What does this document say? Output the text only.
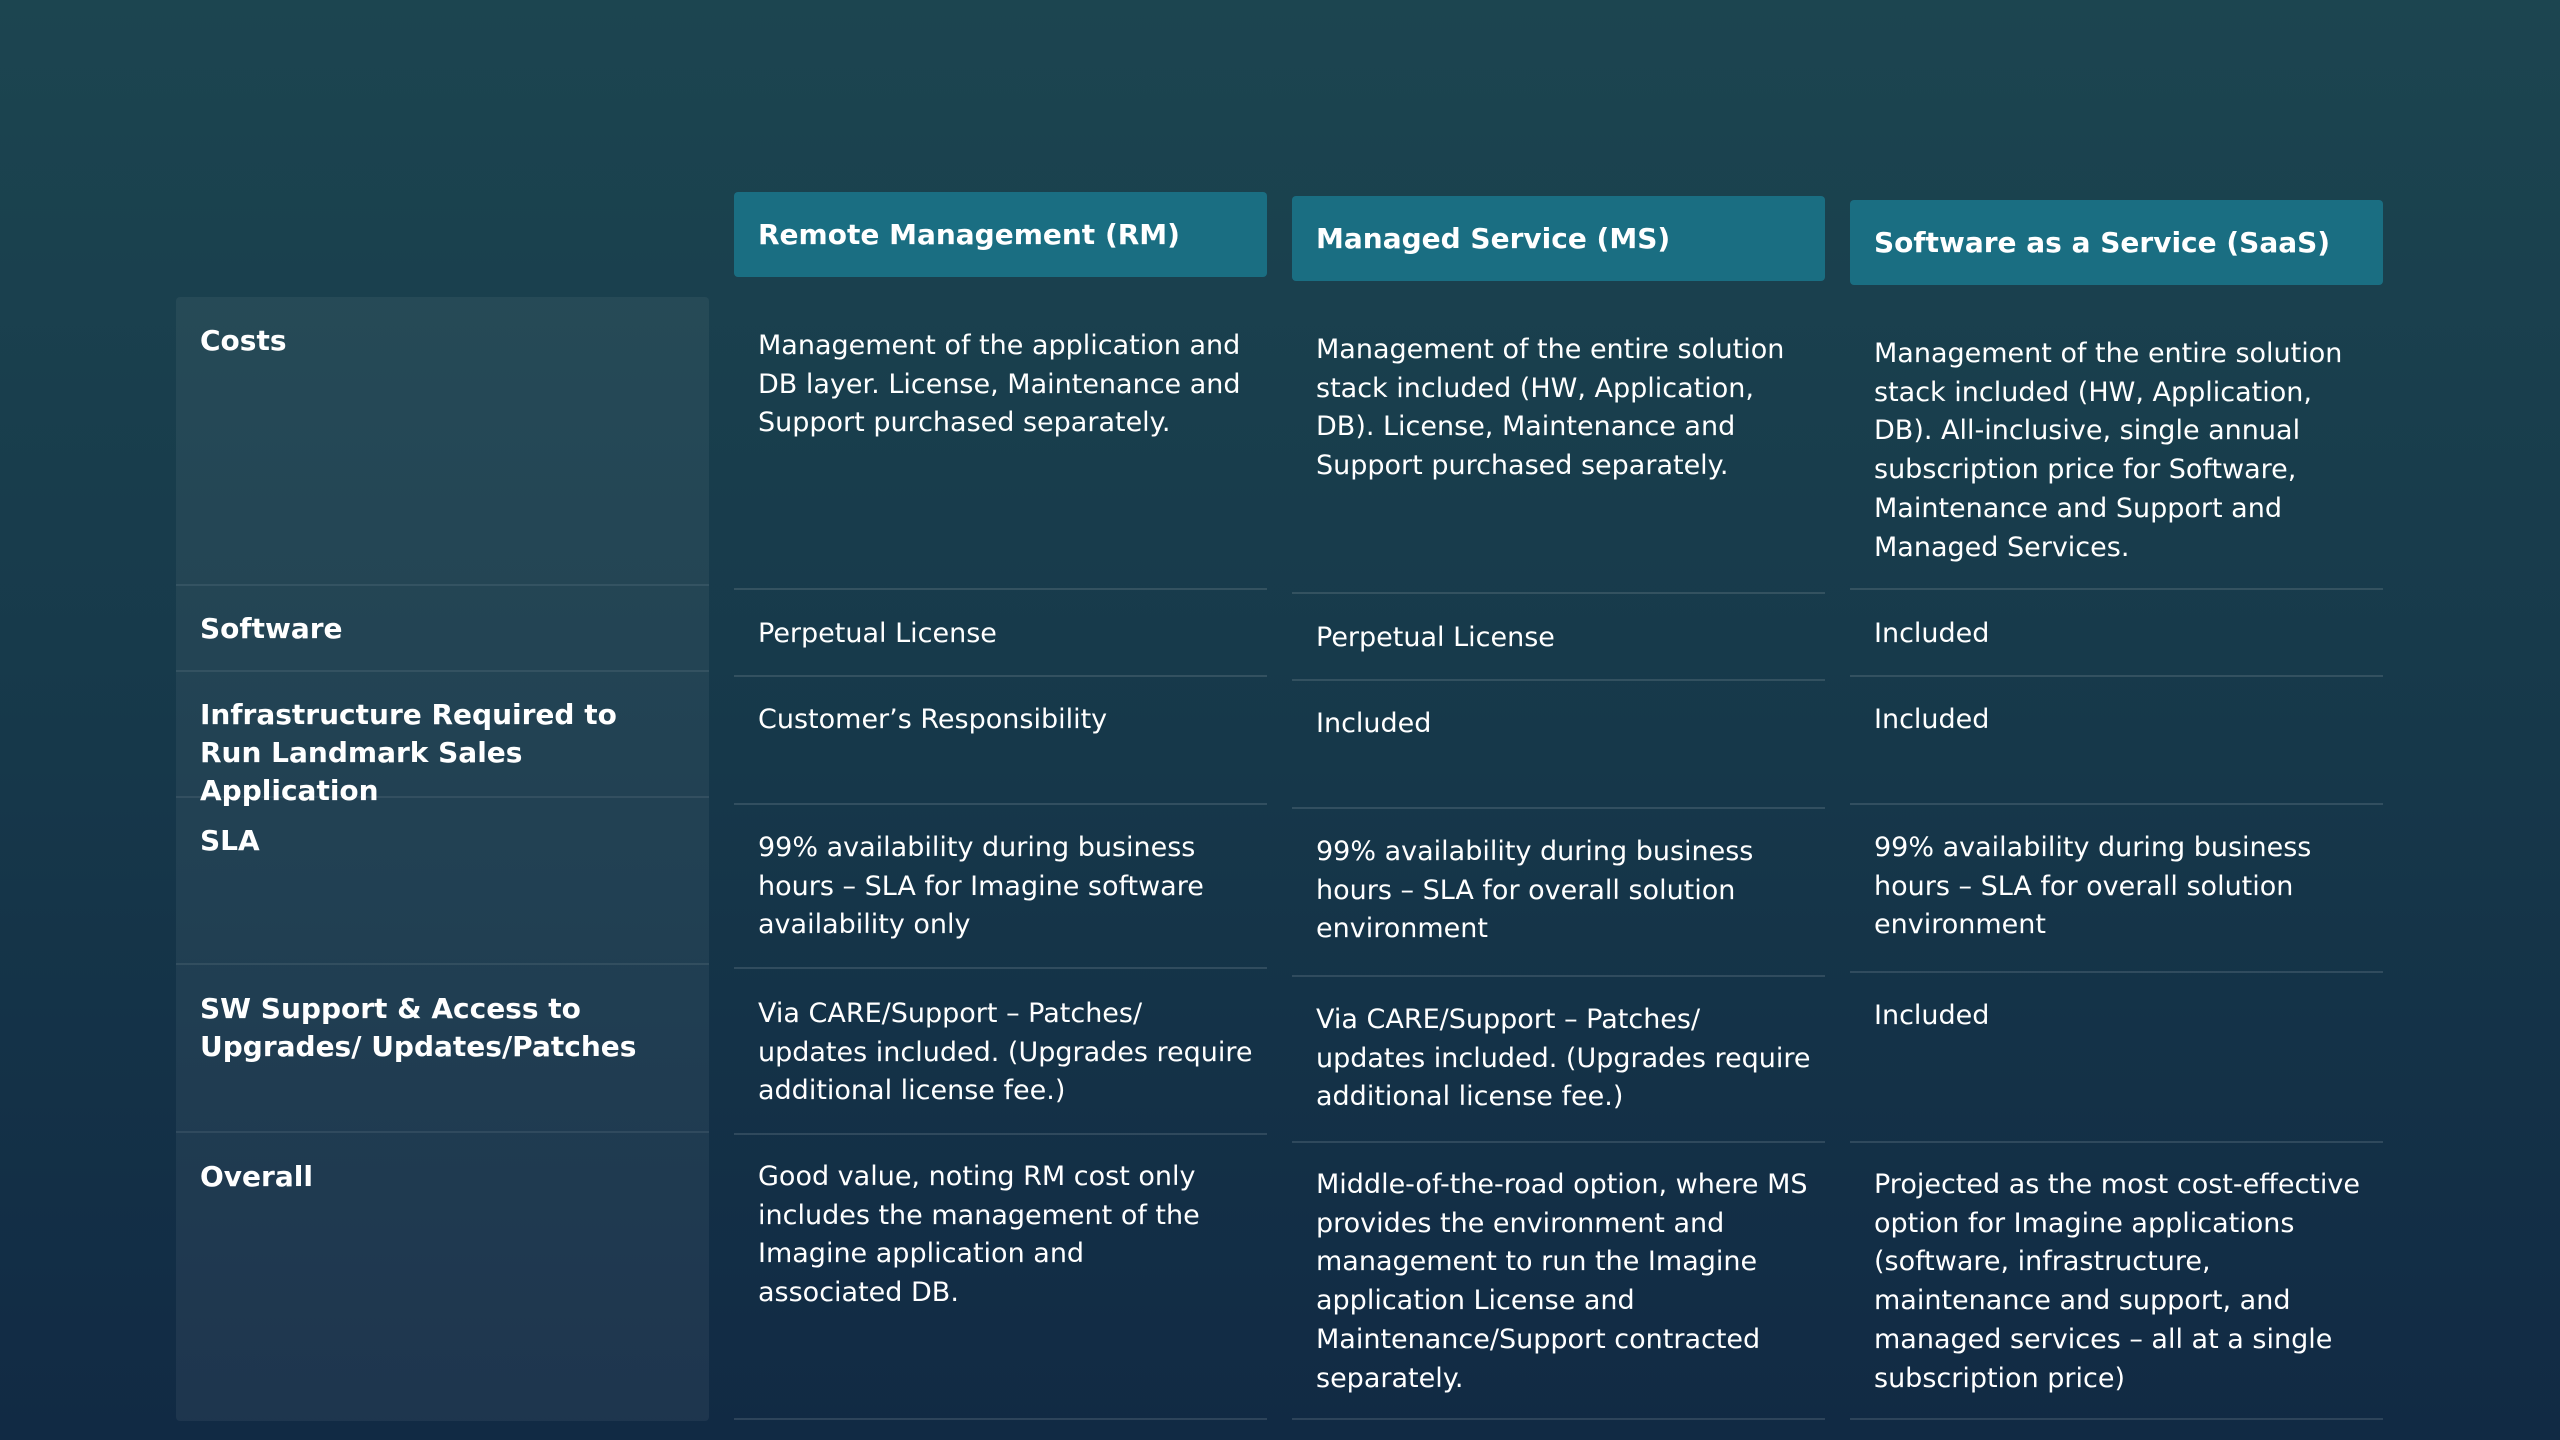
Remote Management (RM)	Managed Service (MS)	Software as a Service (SaaS)
Costs
Software
Infrastructure Required to Run Landmark Sales Application
SLA
SW Support & Access to Upgrades/ Updates/Patches
Overall
Management of the application and DB layer. License, Maintenance and Support purchased separately.
Perpetual License
Customer’s Responsibility
99% availability during business hours – SLA for Imagine software availability only
Via CARE/Support – Patches/ updates included. (Upgrades require additional license fee.)
Good value, noting RM cost only includes the management of the Imagine application and associated DB.
Management of the entire solution stack included (HW, Application, DB). License, Maintenance and Support purchased separately.
Perpetual License
Included
99% availability during business hours – SLA for overall solution environment
Via CARE/Support – Patches/ updates included. (Upgrades require additional license fee.)
Middle-of-the-road option, where MS provides the environment and management to run the Imagine application License and Maintenance/Support contracted separately.
Management of the entire solution stack included (HW, Application, DB). All-inclusive, single annual subscription price for Software, Maintenance and Support and Managed Services.
Included
Included
99% availability during business hours – SLA for overall solution environment
Included
Projected as the most cost-effective option for Imagine applications (software, infrastructure, maintenance and support, and managed services – all at a single subscription price)
